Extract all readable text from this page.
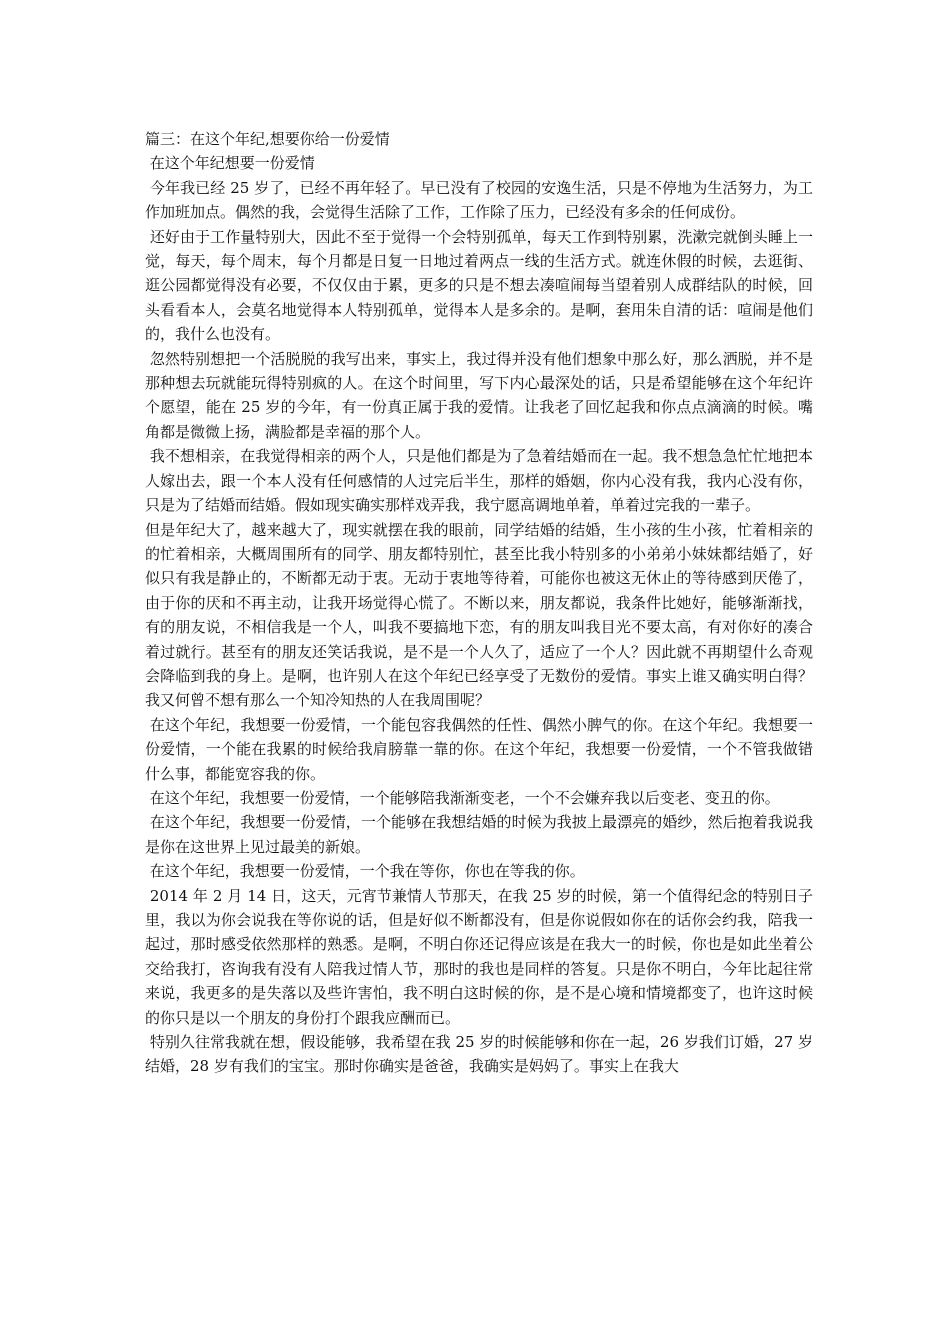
篇三：在这个年纪,想要你给一份爱情

在这个年纪想要一份爱情

今年我已经 25 岁了，已经不再年轻了。早已没有了校园的安逸生活，只是不停地为生活努力，为工作加班加点。偶然的我，会觉得生活除了工作，工作除了压力，已经没有多余的任何成份。

还好由于工作量特别大，因此不至于觉得一个会特别孤单，每天工作到特别累，洗漱完就倒头睡上一觉，每天，每个周末，每个月都是日复一日地过着两点一线的生活方式。就连休假的时候，去逛街、逛公园都觉得没有必要，不仅仅由于累，更多的只是不想去凑喧闹每当望着别人成群结队的时候，回头看看本人，会莫名地觉得本人特别孤单，觉得本人是多余的。是啊，套用朱自清的话：喧闹是他们的，我什么也没有。

忽然特别想把一个活脱脱的我写出来，事实上，我过得并没有他们想象中那么好，那么洒脱，并不是那种想去玩就能玩得特别疯的人。在这个时间里，写下内心最深处的话，只是希望能够在这个年纪许个愿望，能在 25 岁的今年，有一份真正属于我的爱情。让我老了回忆起我和你点点滴滴的时候。嘴角都是微微上扬，满脸都是幸福的那个人。

我不想相亲，在我觉得相亲的两个人，只是他们都是为了急着结婚而在一起。我不想急急忙忙地把本人嫁出去，跟一个本人没有任何感情的人过完后半生，那样的婚姻，你内心没有我，我内心没有你，只是为了结婚而结婚。假如现实确实那样戏弄我，我宁愿高调地单着，单着过完我的一辈子。

但是年纪大了，越来越大了，现实就摆在我的眼前，同学结婚的结婚，生小孩的生小孩，忙着相亲的的忙着相亲，大概周围所有的同学、朋友都特别忙，甚至比我小特别多的小弟弟小妹妹都结婚了，好似只有我是静止的，不断都无动于衷。无动于衷地等待着，可能你也被这无休止的等待感到厌倦了，由于你的厌和不再主动，让我开场觉得心慌了。不断以来，朋友都说，我条件比她好，能够渐渐找，有的朋友说，不相信我是一个人，叫我不要搞地下恋，有的朋友叫我目光不要太高，有对你好的凑合着过就行。甚至有的朋友还笑话我说，是不是一个人久了，适应了一个人？因此就不再期望什么奇观会降临到我的身上。是啊，也许别人在这个年纪已经享受了无数份的爱情。事实上谁又确实明白得？我又何曾不想有那么一个知冷知热的人在我周围呢？

在这个年纪，我想要一份爱情，一个能包容我偶然的任性、偶然小脾气的你。在这个年纪。我想要一份爱情，一个能在我累的时候给我肩膀靠一靠的你。在这个年纪，我想要一份爱情，一个不管我做错什么事，都能宽容我的你。

在这个年纪，我想要一份爱情，一个能够陪我渐渐变老，一个不会嫌弃我以后变老、变丑的你。

在这个年纪，我想要一份爱情，一个能够在我想结婚的时候为我披上最漂亮的婚纱，然后抱着我说我是你在这世界上见过最美的新娘。

在这个年纪，我想要一份爱情，一个我在等你，你也在等我的你。

2014 年 2 月 14 日，这天，元宵节兼情人节那天，在我 25 岁的时候，第一个值得纪念的特别日子里，我以为你会说我在等你说的话，但是好似不断都没有，但是你说假如你在的话你会约我，陪我一起过，那时感受依然那样的熟悉。是啊，不明白你还记得应该是在我大一的时候，你也是如此坐着公交给我打，咨询我有没有人陪我过情人节，那时的我也是同样的答复。只是你不明白，今年比起往常来说，我更多的是失落以及些许害怕，我不明白这时候的你，是不是心境和情境都变了，也许这时候的你只是以一个朋友的身份打个跟我应酬而已。

特别久往常我就在想，假设能够，我希望在我 25 岁的时候能够和你在一起，26 岁我们订婚，27 岁结婚，28 岁有我们的宝宝。那时你确实是爸爸，我确实是妈妈了。事实上在我大
